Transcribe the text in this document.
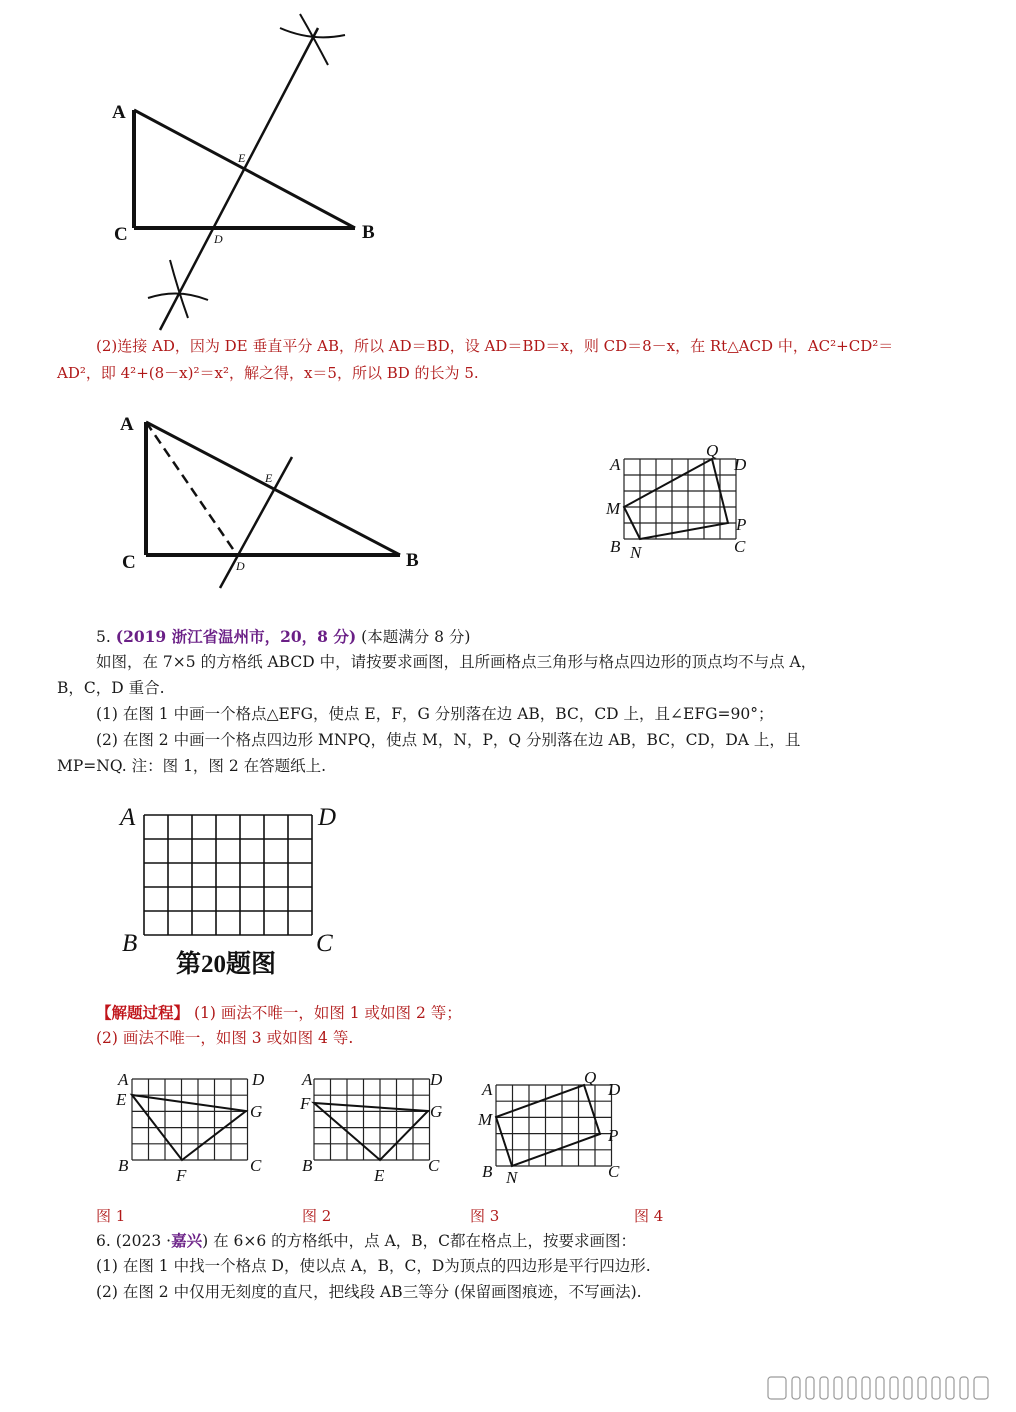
A
C	B
E
D
(2)连接 AD，因为 DE 垂直平分 AB，所以 AD＝BD，设 AD＝BD＝x，则 CD＝8－x，在 Rt△ACD 中，AC²+CD²＝
AD²，即 4²+(8－x)²＝x²，解之得，x＝5，所以 BD 的长为 5.
A
C	B
E
D
A	D
Q
M
P
B N	C
5. (2019 浙江省温州市，20，8 分) (本题满分 8 分)
如图，在 7×5 的方格纸 ABCD 中，请按要求画图，且所画格点三角形与格点四边形的顶点均不与点 A，
B，C，D 重合.
(1) 在图 1 中画一个格点△EFG，使点 E，F，G 分别落在边 AB，BC，CD 上，且∠EFG=90°；
(2) 在图 2 中画一个格点四边形 MNPQ，使点 M，N，P，Q 分别落在边 AB，BC，CD，DA 上，且
MP=NQ. 注：图 1，图 2 在答题纸上.
A	D
B	C
第20题图
【解题过程】 (1) 画法不唯一，如图 1 或如图 2 等；
(2) 画法不唯一，如图 3 或如图 4 等.
A	D
E
G
B
F
C
A	D
F	G
B
E
C
A	D
Q
M
P
B N	C
图 1	图 2	图 3	图 4
6. (2023 ·嘉兴) 在 6×6 的方格纸中，点 A，B，C都在格点上，按要求画图：
(1) 在图 1 中找一个格点 D，使以点 A，B，C，D为顶点的四边形是平行四边形.
(2) 在图 2 中仅用无刻度的直尺，把线段 AB三等分 (保留画图痕迹，不写画法).
